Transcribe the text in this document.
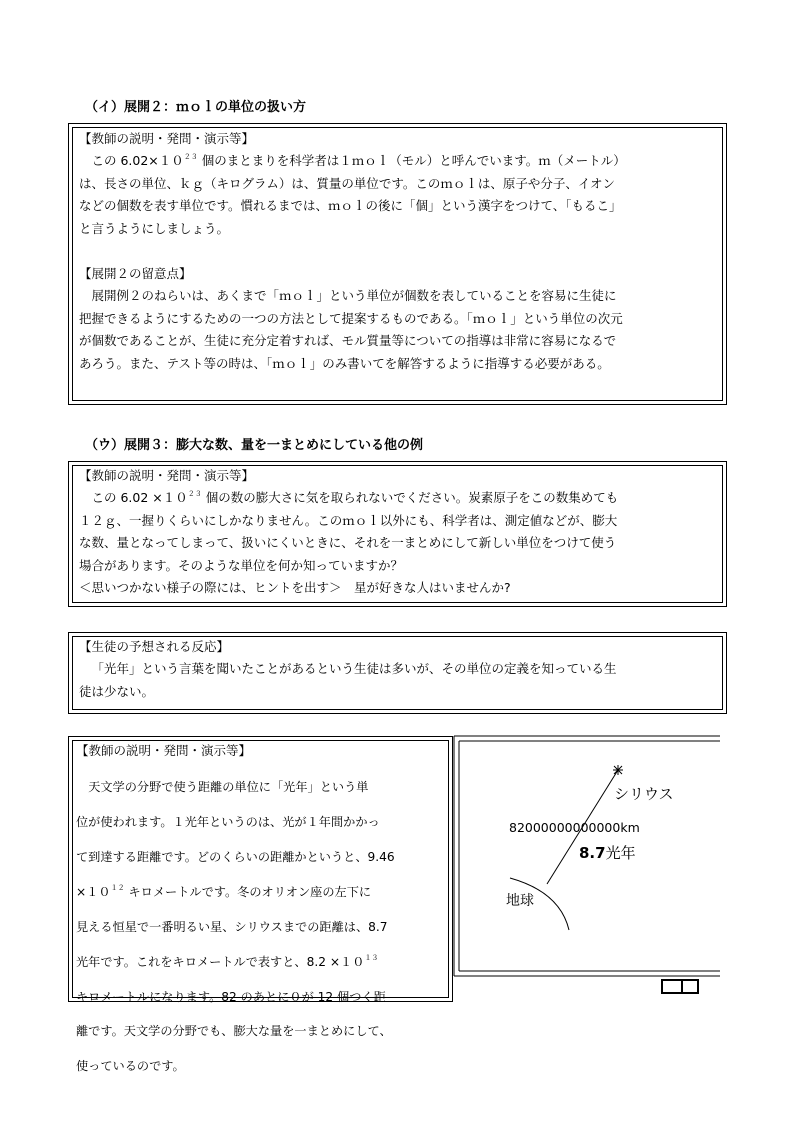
（イ）展開２：ｍｏｌの単位の扱い方
【教師の説明・発問・演示等】

この $6.02\times 10^{23}$ 個のまとまりを科学者は１ｍｏｌ（モル）と呼んでいます。ｍ（メートル）

は、長さの単位、ｋｇ（キログラム）は、質量の単位です。このｍｏｌは、原子や分子、イオン

などの個数を表す単位です。慣れるまでは、ｍｏｌの後に「個」という漢字をつけて、「もるこ」

と言うようにしましょう。

【展開２の留意点】

展開例２のねらいは、あくまで「ｍｏｌ」という単位が個数を表していることを容易に生徒に

把握できるようにするための一つの方法として提案するものである。「ｍｏｌ」という単位の次元

が個数であることが、生徒に充分定着すれば、モル質量等についての指導は非常に容易になるで

あろう。また、テスト等の時は、「ｍｏｌ」のみ書いてを解答するように指導する必要がある。

（ウ）展開３：膨大な数、量を一まとめにしている他の例
【教師の説明・発問・演示等】

この $6.02 \times 10^{23}$ 個の数の膨大さに気を取られないでください。炭素原子をこの数集めても

１２ｇ、一握りくらいにしかなりません。このｍｏｌ以外にも、科学者は、測定値などが、膨大

な数、量となってしまって、扱いにくいときに、それを一まとめにして新しい単位をつけて使う

場合があります。そのような単位を何か知っていますか？

＜思いつかない様子の際には、ヒントを出す＞　星が好きな人はいませんか?

【生徒の予想される反応】

「光年」という言葉を聞いたことがあるという生徒は多いが、その単位の定義を知っている生

徒は少ない。

【教師の説明・発問・演示等】

天文学の分野で使う距離の単位に「光年」という単

位が使われます。１光年というのは、光が１年間かかっ

て到達する距離です。どのくらいの距離かというと、9.46

$\times 10^{12}$ キロメートルです。冬のオリオン座の左下に

見える恒星で一番明るい星、シリウスまでの距離は、8.7

光年です。これをキロメートルで表すと、$8.2 \times 10^{13}$

キロメートルになります。82 のあとに０が 12 個つく距

離です。天文学の分野でも、膨大な量を一まとめにして、

使っているのです。

シリウス
82000000000000km
8.7光年
地球
